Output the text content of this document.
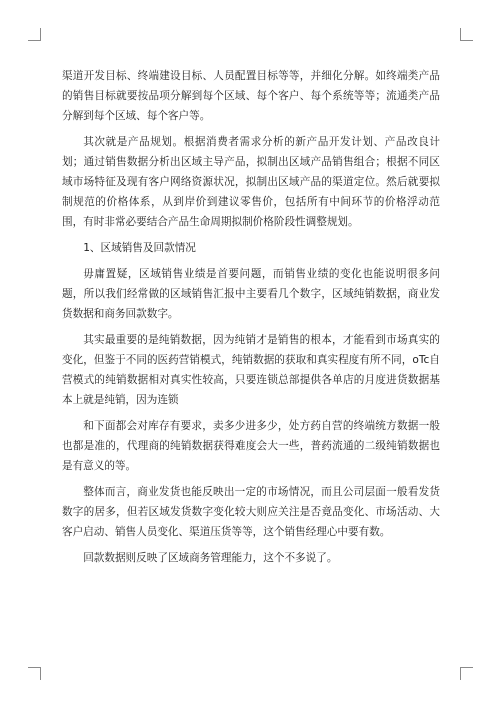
渠道开发目标、终端建设目标、人员配置目标等等，并细化分解。如终端类产品的销售目标就要按品项分解到每个区域、每个客户、每个系统等等；流通类产品分解到每个区域、每个客户等。

其次就是产品规划。根据消费者需求分析的新产品开发计划、产品改良计划；通过销售数据分析出区域主导产品，拟制出区域产品销售组合；根据不同区域市场特征及现有客户网络资源状况，拟制出区域产品的渠道定位。然后就要拟制规范的价格体系，从到岸价到建议零售价，包括所有中间环节的价格浮动范围，有时非常必要结合产品生命周期拟制价格阶段性调整规划。

1、区域销售及回款情况

毋庸置疑，区域销售业绩是首要问题，而销售业绩的变化也能说明很多问题，所以我们经常做的区域销售汇报中主要看几个数字，区域纯销数据，商业发货数据和商务回款数字。

其实最重要的是纯销数据，因为纯销才是销售的根本，才能看到市场真实的变化，但鉴于不同的医药营销模式，纯销数据的获取和真实程度有所不同，oTc自营模式的纯销数据相对真实性较高，只要连锁总部提供各单店的月度进货数据基本上就是纯销，因为连锁

和下面都会对库存有要求，卖多少进多少，处方药自营的终端统方数据一般也都是准的，代理商的纯销数据获得难度会大一些，普药流通的二级纯销数据也是有意义的等。

整体而言，商业发货也能反映出一定的市场情况，而且公司层面一般看发货数字的居多，但若区域发货数字变化较大则应关注是否竟品变化、市场活动、大客户启动、销售人员变化、渠道压货等等，这个销售经理心中要有数。

回款数据则反映了区域商务管理能力，这个不多说了。
